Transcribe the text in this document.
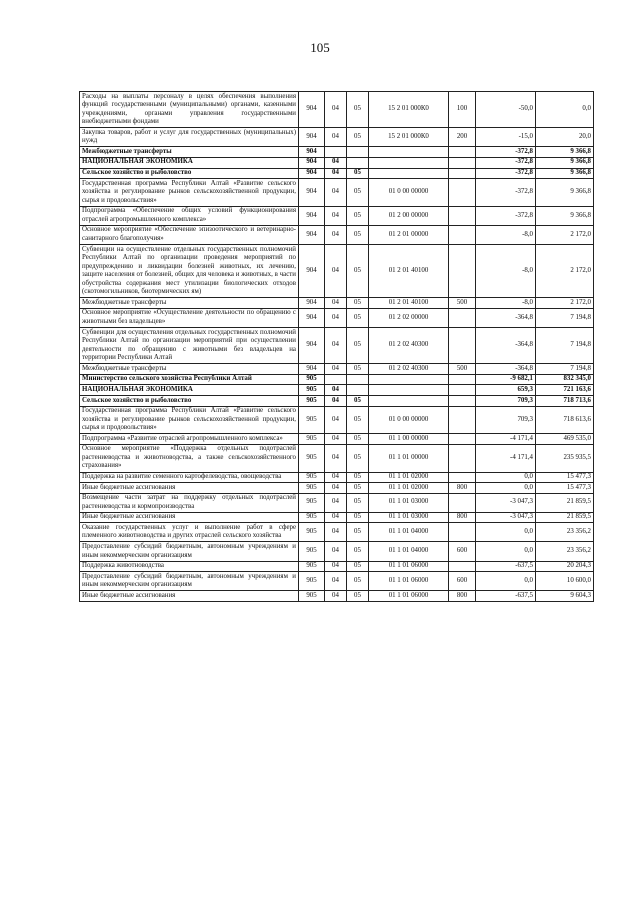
105
Расходы на выплаты персоналу в целях обеспечения выполнения функций государственными (муниципальными) органами, казенными учреждениями, органами управления государственными внебюджетными фондами	904	04	05	15 2 01 000К0	100	-50,0	0,0
Закупка товаров, работ и услуг для государственных (муниципальных) нужд	904	04	05	15 2 01 000К0	200	-15,0	20,0
Межбюджетные трансферты	904					-372,8	9 366,8
НАЦИОНАЛЬНАЯ ЭКОНОМИКА	904	04				-372,8	9 366,8
Сельское хозяйство и рыболовство	904	04	05			-372,8	9 366,8
Государственная программа Республики Алтай «Развитие сельского хозяйства и регулирование рынков сельскохозяйственной продукции, сырья и продовольствия»	904	04	05	01 0 00 00000		-372,8	9 366,8
Подпрограмма «Обеспечение общих условий функционирования отраслей агропромышленного комплекса»	904	04	05	01 2 00 00000		-372,8	9 366,8
Основное мероприятие «Обеспечение эпизоотического и ветеринарно-санитарного благополучия»	904	04	05	01 2 01 00000		-8,0	2 172,0
Субвенции на осуществление отдельных государственных полномочий Республики Алтай по организации проведения мероприятий по предупреждению и ликвидации болезней животных, их лечению, защите населения от болезней, общих для человека и животных, в части обустройства содержания мест утилизации биологических отходов (скотомогильников, биотермических ям)	904	04	05	01 2 01 40100		-8,0	2 172,0
Межбюджетные трансферты	904	04	05	01 2 01 40100	500	-8,0	2 172,0
Основное мероприятие «Осуществление деятельности по обращению с животными без владельцев»	904	04	05	01 2 02 00000		-364,8	7 194,8
Субвенции для осуществления отдельных государственных полномочий Республики Алтай по организации мероприятий при осуществлении деятельности по обращению с животными без владельцев на территории Республики Алтай	904	04	05	01 2 02 40300		-364,8	7 194,8
Межбюджетные трансферты	904	04	05	01 2 02 40300	500	-364,8	7 194,8
Министерство сельского хозяйства Республики Алтай	905					-9 682,1	832 345,0
НАЦИОНАЛЬНАЯ ЭКОНОМИКА	905	04				659,3	721 163,6
Сельское хозяйство и рыболовство	905	04	05			709,3	718 713,6
Государственная программа Республики Алтай «Развитие сельского хозяйства и регулирование рынков сельскохозяйственной продукции, сырья и продовольствия»	905	04	05	01 0 00 00000		709,3	718 613,6
Подпрограмма «Развитие отраслей агропромышленного комплекса»	905	04	05	01 1 00 00000		-4 171,4	469 535,0
Основное мероприятие «Поддержка отдельных подотраслей растениеводства и животноводства, а также сельскохозяйственного страхования»	905	04	05	01 1 01 00000		-4 171,4	235 935,5
Поддержка на развитие семенного картофелеводства, овощеводства	905	04	05	01 1 01 02000		0,0	15 477,3
Иные бюджетные ассигнования	905	04	05	01 1 01 02000	800	0,0	15 477,3
Возмещение части затрат на поддержку отдельных подотраслей растениеводства и кормопроизводства	905	04	05	01 1 01 03000		-3 047,3	21 859,5
Иные бюджетные ассигнования	905	04	05	01 1 01 03000	800	-3 047,3	21 859,5
Оказание государственных услуг и выполнение работ в сфере племенного животноводства и других отраслей сельского хозяйства	905	04	05	01 1 01 04000		0,0	23 356,2
Предоставление субсидий бюджетным, автономным учреждениям и иным некоммерческим организациям	905	04	05	01 1 01 04000	600	0,0	23 356,2
Поддержка животноводства	905	04	05	01 1 01 06000		-637,5	20 204,3
Предоставление субсидий бюджетным, автономным учреждениям и иным некоммерческим организациям	905	04	05	01 1 01 06000	600	0,0	10 600,0
Иные бюджетные ассигнования	905	04	05	01 1 01 06000	800	-637,5	9 604,3
